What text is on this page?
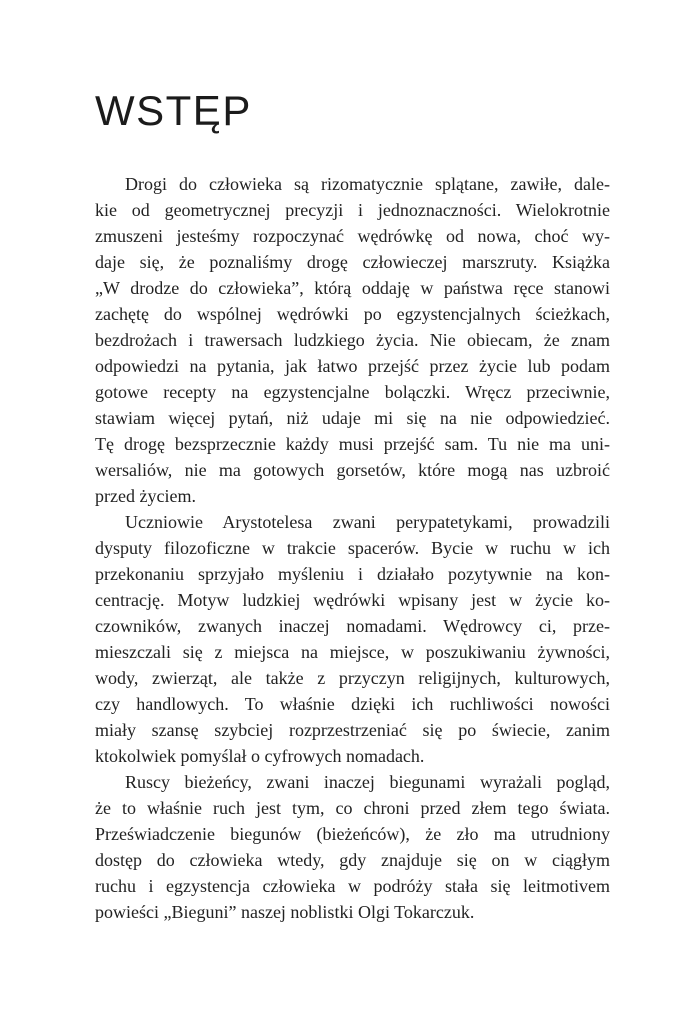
WSTĘP
Drogi do człowieka są rizomatycznie splątane, zawiłe, dale-
kie od geometrycznej precyzji i jednoznaczności. Wielokrotnie
zmuszeni jesteśmy rozpoczynać wędrówkę od nowa, choć wy-
daje się, że poznaliśmy drogę człowieczej marszruty. Książka
„W drodze do człowieka”, którą oddaję w państwa ręce stanowi
zachętę do wspólnej wędrówki po egzystencjalnych ścieżkach,
bezdrożach i trawersach ludzkiego życia. Nie obiecam, że znam
odpowiedzi na pytania, jak łatwo przejść przez życie lub podam
gotowe recepty na egzystencjalne bolączki. Wręcz przeciwnie,
stawiam więcej pytań, niż udaje mi się na nie odpowiedzieć.
Tę drogę bezsprzecznie każdy musi przejść sam. Tu nie ma uni-
wersaliów, nie ma gotowych gorsetów, które mogą nas uzbroić
przed życiem.
Uczniowie Arystotelesa zwani perypatetykami, prowadzili
dysputy filozoficzne w trakcie spacerów. Bycie w ruchu w ich
przekonaniu sprzyjało myśleniu i działało pozytywnie na kon-
centrację. Motyw ludzkiej wędrówki wpisany jest w życie ko-
czowników, zwanych inaczej nomadami. Wędrowcy ci, prze-
mieszczali się z miejsca na miejsce, w poszukiwaniu żywności,
wody, zwierząt, ale także z przyczyn religijnych, kulturowych,
czy handlowych. To właśnie dzięki ich ruchliwości nowości
miały szansę szybciej rozprzestrzeniać się po świecie, zanim
ktokolwiek pomyślał o cyfrowych nomadach.
Ruscy bieżeńcy, zwani inaczej biegunami wyrażali pogląd,
że to właśnie ruch jest tym, co chroni przed złem tego świata.
Przeświadczenie biegunów (bieżeńców), że zło ma utrudniony
dostęp do człowieka wtedy, gdy znajduje się on w ciągłym
ruchu i egzystencja człowieka w podróży stała się leitmotivem
powieści „Bieguni” naszej noblistki Olgi Tokarczuk.
